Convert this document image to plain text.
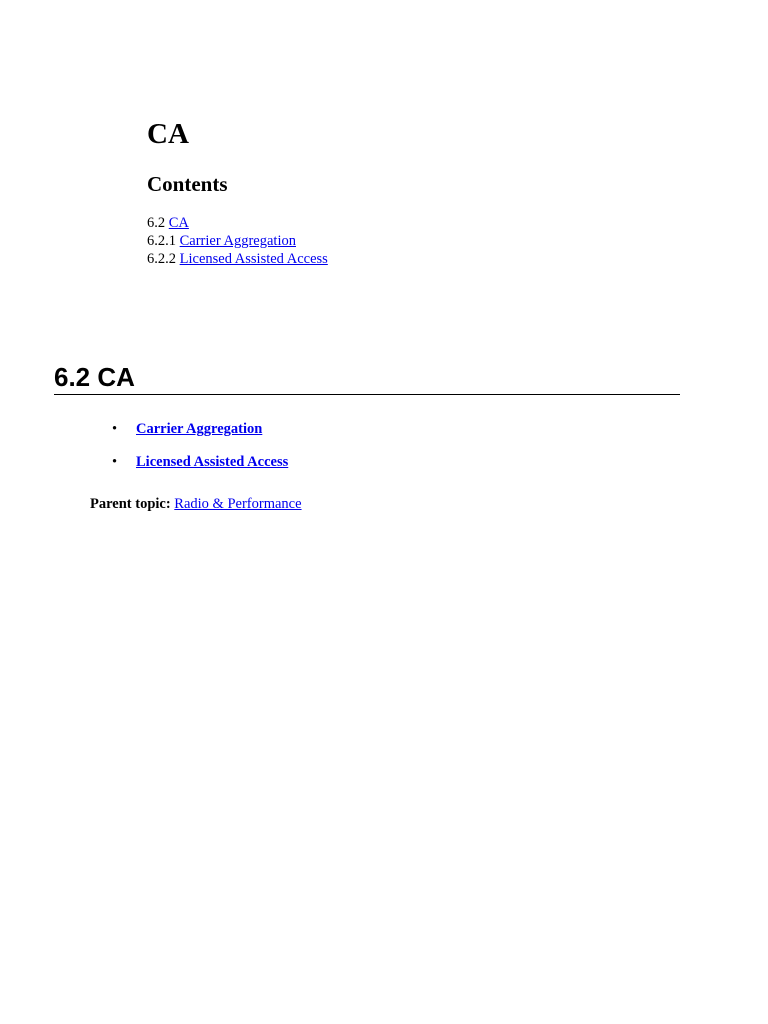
CA
Contents
6.2 CA
6.2.1 Carrier Aggregation
6.2.2 Licensed Assisted Access
6.2 CA
• Carrier Aggregation
• Licensed Assisted Access

Parent topic: Radio & Performance
